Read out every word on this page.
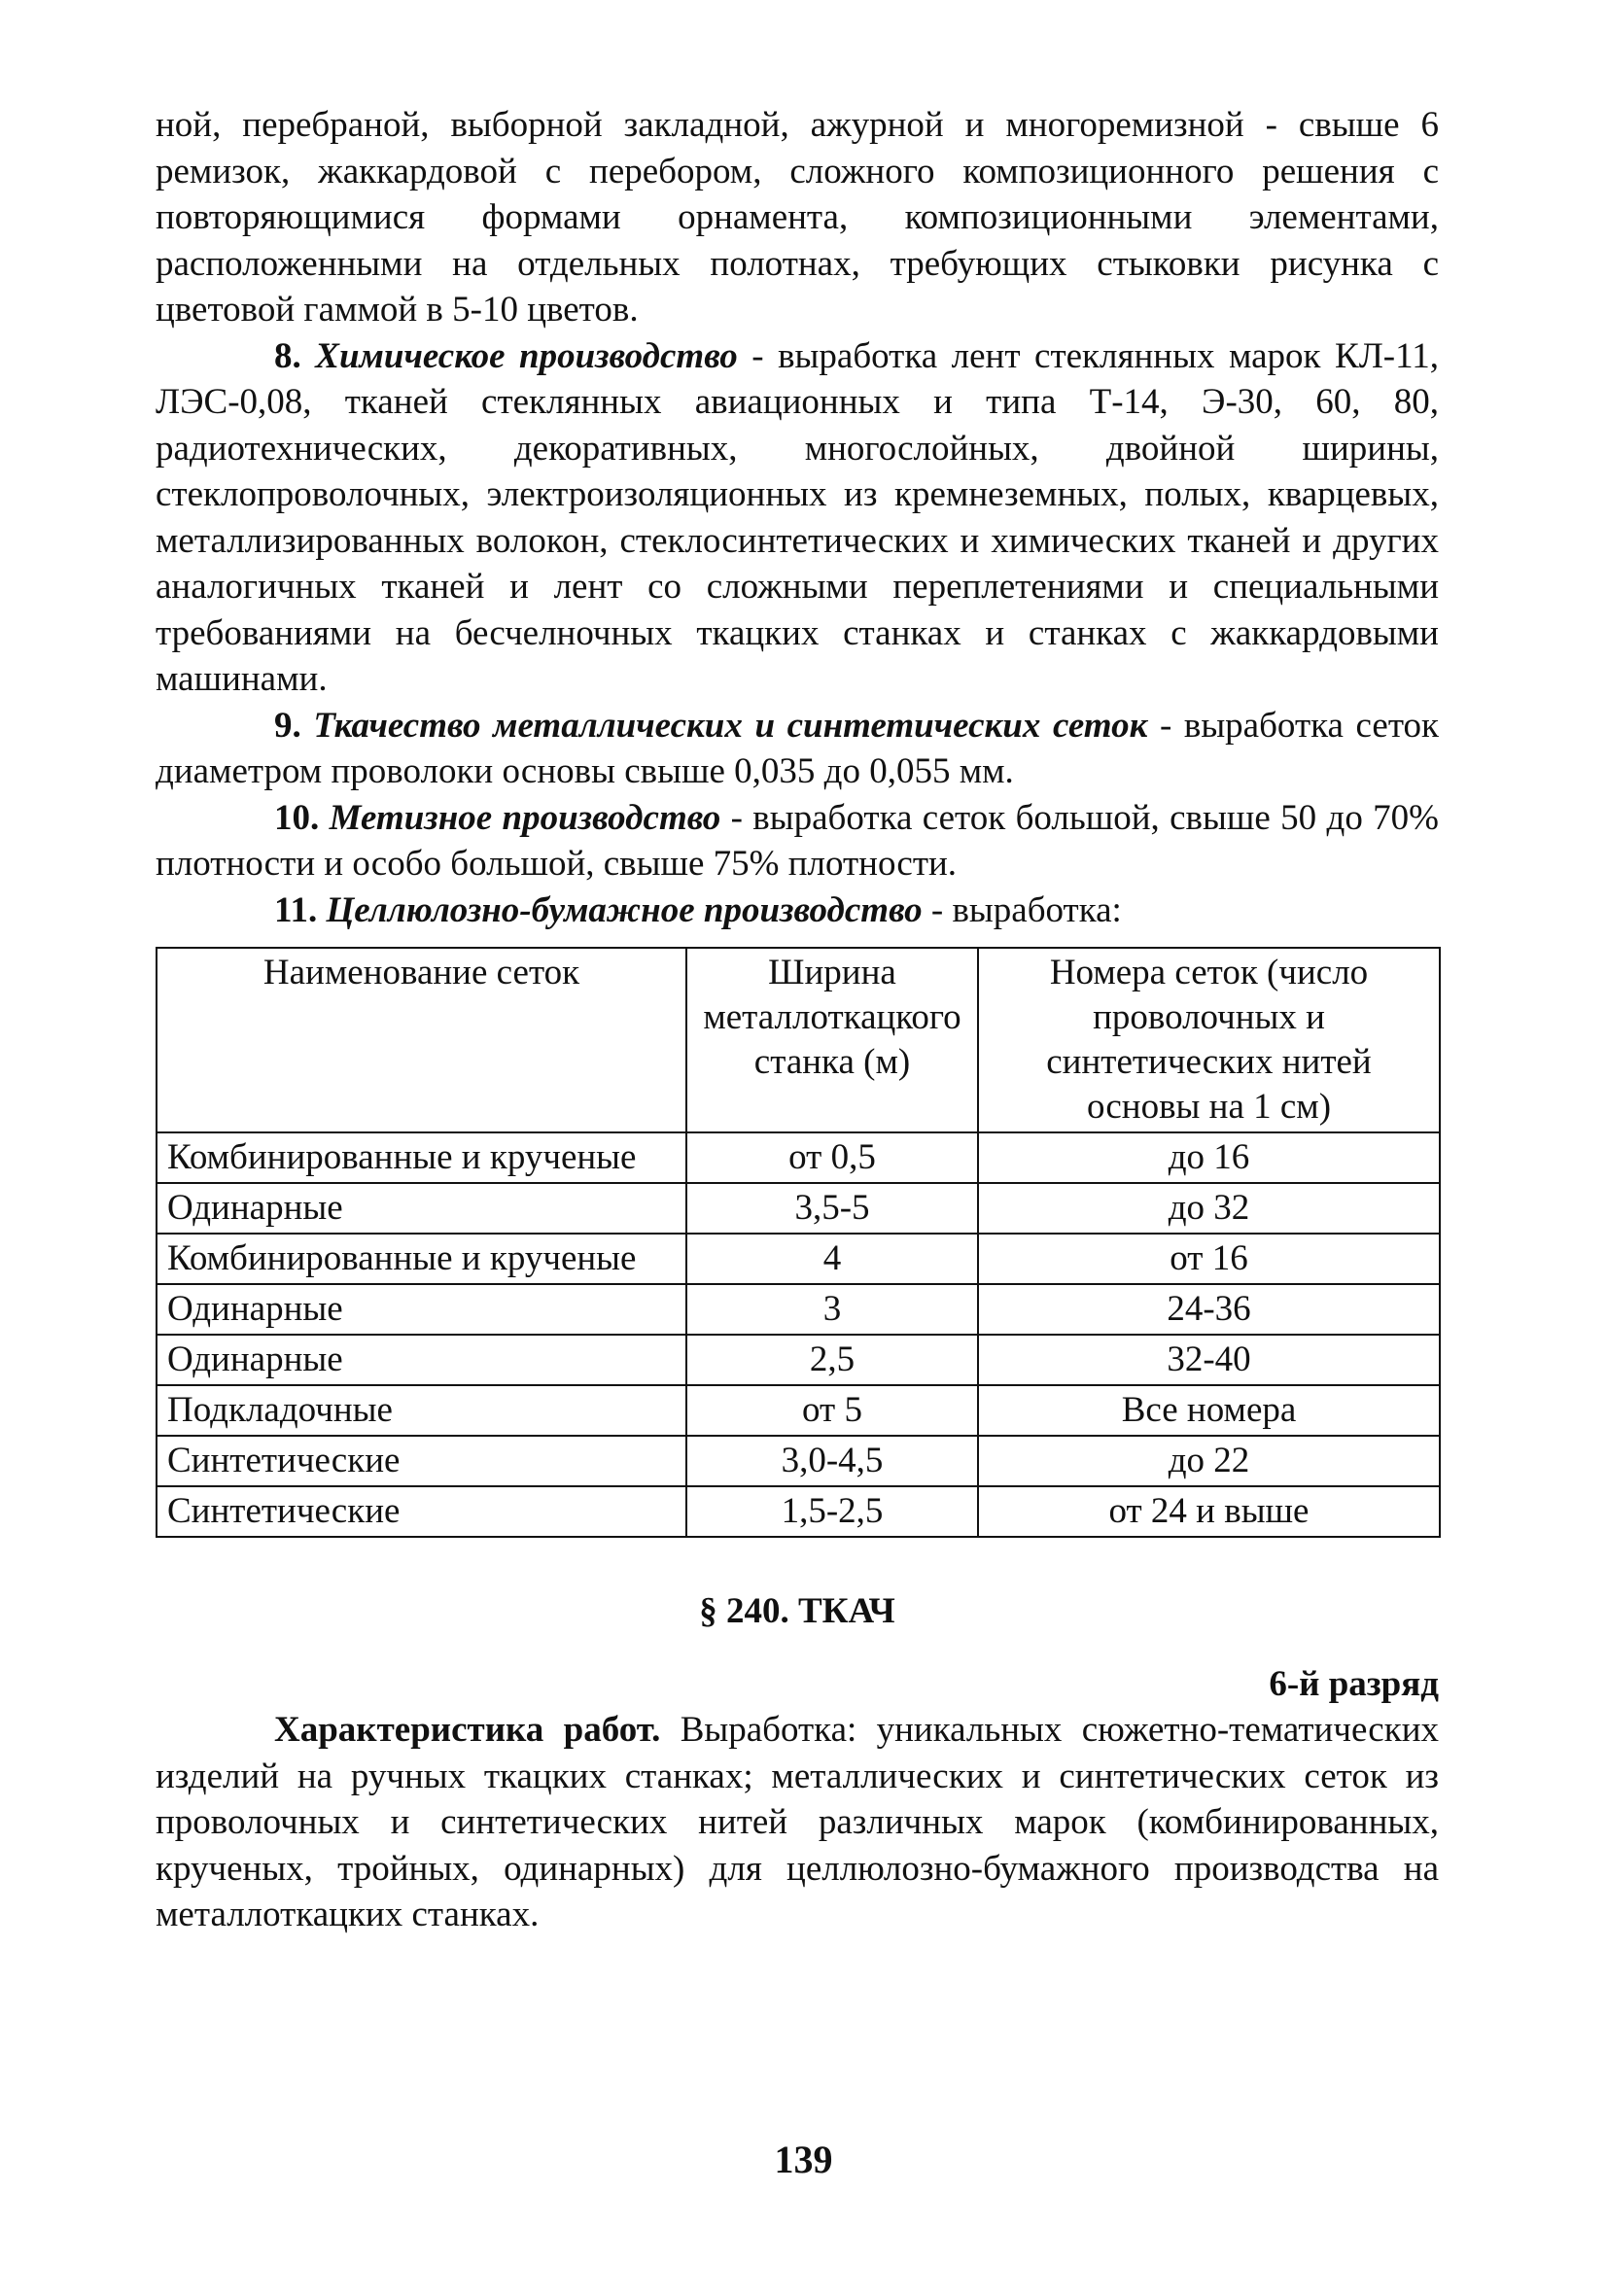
ной, перебраной, выборной закладной, ажурной и многоремизной - свыше 6 ремизок, жаккардовой с перебором, сложного композиционного решения с повторяющимися формами орнамента, композиционными элементами, расположенными на отдельных полотнах, требующих стыковки рисунка с цветовой гаммой в 5-10 цветов.

8. Химическое производство - выработка лент стеклянных марок КЛ-11, ЛЭС-0,08, тканей стеклянных авиационных и типа Т-14, Э-30, 60, 80, радиотехнических, декоративных, многослойных, двойной ширины, стеклопроволочных, электроизоляционных из кремнеземных, полых, кварцевых, металлизированных волокон, стеклосинтетических и химических тканей и других аналогичных тканей и лент со сложными переплетениями и специальными требованиями на бесчелночных ткацких станках и станках с жаккардовыми машинами.

9. Ткачество металлических и синтетических сеток - выработка сеток диаметром проволоки основы свыше 0,035 до 0,055 мм.

10. Метизное производство - выработка сеток большой, свыше 50 до 70% плотности и особо большой, свыше 75% плотности.

11. Целлюлозно-бумажное производство - выработка:

Наименование сеток	Ширина металлоткацкого станка (м)	Номера сеток (число проволочных и синтетических нитей основы на 1 см)
Комбинированные и крученые	от 0,5	до 16
Одинарные	3,5-5	до 32
Комбинированные и крученые	4	от 16
Одинарные	3	24-36
Одинарные	2,5	32-40
Подкладочные	от 5	Все номера
Синтетические	3,0-4,5	до 22
Синтетические	1,5-2,5	от 24 и выше
§ 240. ТКАЧ
6-й разряд

Характеристика работ. Выработка: уникальных сюжетно-тематических изделий на ручных ткацких станках; металлических и синтетических сеток из проволочных и синтетических нитей различных марок (комбинированных, крученых, тройных, одинарных) для целлюлозно-бумажного производства на металлоткацких станках.

139
